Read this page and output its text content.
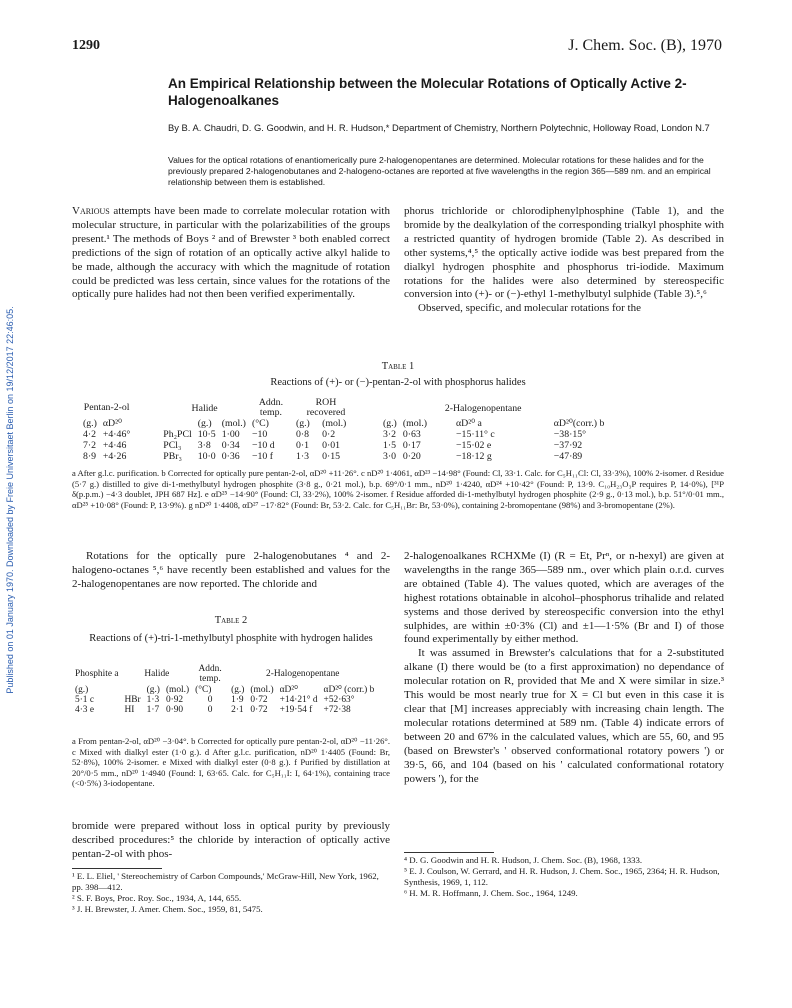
Published on 01 January 1970. Downloaded by Freie Universitaet Berlin on 19/12/2017 22:46:05.
1290	J. Chem. Soc. (B), 1970
An Empirical Relationship between the Molecular Rotations of Optically Active 2-Halogenoalkanes
By B. A. Chaudri, D. G. Goodwin, and H. R. Hudson,* Department of Chemistry, Northern Polytechnic, Holloway Road, London N.7
Values for the optical rotations of enantiomerically pure 2-halogenopentanes are determined. Molecular rotations for these halides and for the previously prepared 2-halogenobutanes and 2-halogeno-octanes are reported at five wavelengths in the region 365—589 nm. and an empirical relationship between them is established.

Various attempts have been made to correlate molecular rotation with molecular structure, in particular with the polarizabilities of the groups present.¹ The methods of Boys ² and of Brewster ³ both enabled correct predictions of the sign of rotation of an optically active alkyl halide to be made, although the accuracy with which the magnitude of rotation could be predicted was less certain, since values for the rotations of the optically pure halides had not then been verified experimentally.

phorus trichloride or chlorodiphenylphosphine (Table 1), and the bromide by the dealkylation of the corresponding trialkyl phosphite with a restricted quantity of hydrogen bromide (Table 2). As described in other systems,⁴,⁵ the optically active iodide was best prepared from the dialkyl hydrogen phosphite and phosphorus tri-iodide. Maximum rotations for the halides were also determined by stereospecific conversion into (+)- or (−)-ethyl 1-methylbutyl sulphide (Table 3).⁵,⁶

Observed, specific, and molecular rotations for the

Table 1
Reactions of (+)- or (−)-pentan-2-ol with phosphorus halides
Pentan-2-ol		Halide			Addn. temp.	ROH recovered		2-Halogenopentane			
(g.)	αD²⁰		(g.)	(mol.)	(°C)	(g.)	(mol.)	(g.)	(mol.)	αD²⁰ a	αD²⁰(corr.) b
4·2	+4·46°	Ph₂PCl	10·5	1·00	−10	0·8	0·2	3·2	0·63	−15·11° c	−38·15°
7·2	+4·46	PCl₃	3·8	0·34	−10 d	0·1	0·01	1·5	0·17	−15·02 e	−37·92
8·9	+4·26	PBr₃	10·0	0·36	−10 f	1·3	0·15	3·0	0·20	−18·12 g	−47·89
a After g.l.c. purification. b Corrected for optically pure pentan-2-ol, αD²⁰ +11·26°. c nD²⁰ 1·4061, αD²³ −14·98° (Found: Cl, 33·1. Calc. for C₅H₁₁Cl: Cl, 33·3%), 100% 2-isomer. d Residue (5·7 g.) distilled to give di-1-methylbutyl hydrogen phosphite (3·8 g., 0·21 mol.), b.p. 69°/0·1 mm., nD²⁰ 1·4240, αD²⁴ +10·42° (Found: P, 13·9. C₁₀H₂₃O₃P requires P, 14·0%), [³¹P δ(p.p.m.) −4·3 doublet, JPH 687 Hz]. e αD²⁵ −14·90° (Found: Cl, 33·2%), 100% 2-isomer. f Residue afforded di-1-methylbutyl hydrogen phosphite (2·9 g., 0·13 mol.), b.p. 51°/0·01 mm., αD²⁵ +10·08° (Found: P, 13·9%). g nD²⁰ 1·4408, αD²⁷ −17·82° (Found: Br, 53·2. Calc. for C₅H₁₁Br: Br, 53·0%), containing 2-bromopentane (98%) and 3-bromopentane (2%).

Rotations for the optically pure 2-halogenobutanes ⁴ and 2-halogeno-octanes ⁵,⁶ have recently been established and values for the 2-halogenopentanes are now reported. The chloride and

Table 2
Reactions of (+)-tri-1-methylbutyl phosphite with hydrogen halides
Phosphite a	Halide			Addn. temp.	2-Halogenopentane			
(g.)		(g.)	(mol.)	(°C)	(g.)	(mol.)	αD²⁰	αD²⁰ (corr.) b
5·1 c	HBr	1·3	0·92	0	1·9	0·72	+14·21° d	+52·63°
4·3 e	HI	1·7	0·90	0	2·1	0·72	+19·54 f	+72·38
a From pentan-2-ol, αD²⁰ −3·04°. b Corrected for optically pure pentan-2-ol, αD²⁰ −11·26°. c Mixed with dialkyl ester (1·0 g.). d After g.l.c. purification, nD²⁰ 1·4405 (Found: Br, 52·8%), 100% 2-isomer. e Mixed with dialkyl ester (0·8 g.). f Purified by distillation at 20°/0·5 mm., nD²⁰ 1·4940 (Found: I, 63·65. Calc. for C₅H₁₁I: I, 64·1%), containing trace (<0·5%) 3-iodopentane.

bromide were prepared without loss in optical purity by previously described procedures:⁵ the chloride by interaction of optically active pentan-2-ol with phos-

¹ E. L. Eliel, ' Stereochemistry of Carbon Compounds,' McGraw-Hill, New York, 1962, pp. 398—412.

² S. F. Boys, Proc. Roy. Soc., 1934, A, 144, 655.

³ J. H. Brewster, J. Amer. Chem. Soc., 1959, 81, 5475.

2-halogenoalkanes RCHXMe (I) (R = Et, Prⁿ, or n-hexyl) are given at wavelengths in the range 365—589 nm., over which plain o.r.d. curves are obtained (Table 4). The values quoted, which are averages of the highest rotations obtainable in alcohol–phosphorus trihalide and related systems and those derived by stereospecific conversion into the ethyl sulphides, are within ±0·3% (Cl) and ±1—1·5% (Br and I) of those found experimentally by either method.

It was assumed in Brewster's calculations that for a 2-substituted alkane (I) there would be (to a first approximation) no dependance of molecular rotation on R, provided that Me and X were similar in size.³ This would be most nearly true for X = Cl but even in this case it is clear that [M] increases appreciably with increasing chain length. The molecular rotations determined at 589 nm. (Table 4) indicate errors of between 20 and 67% in the calculated values, which are 55, 60, and 95 (based on Brewster's ' observed conformational rotatory powers ') or 39·5, 66, and 104 (based on his ' calculated conformational rotatory powers '), for the

⁴ D. G. Goodwin and H. R. Hudson, J. Chem. Soc. (B), 1968, 1333.

⁵ E. J. Coulson, W. Gerrard, and H. R. Hudson, J. Chem. Soc., 1965, 2364; H. R. Hudson, Synthesis, 1969, 1, 112.

⁶ H. M. R. Hoffmann, J. Chem. Soc., 1964, 1249.
